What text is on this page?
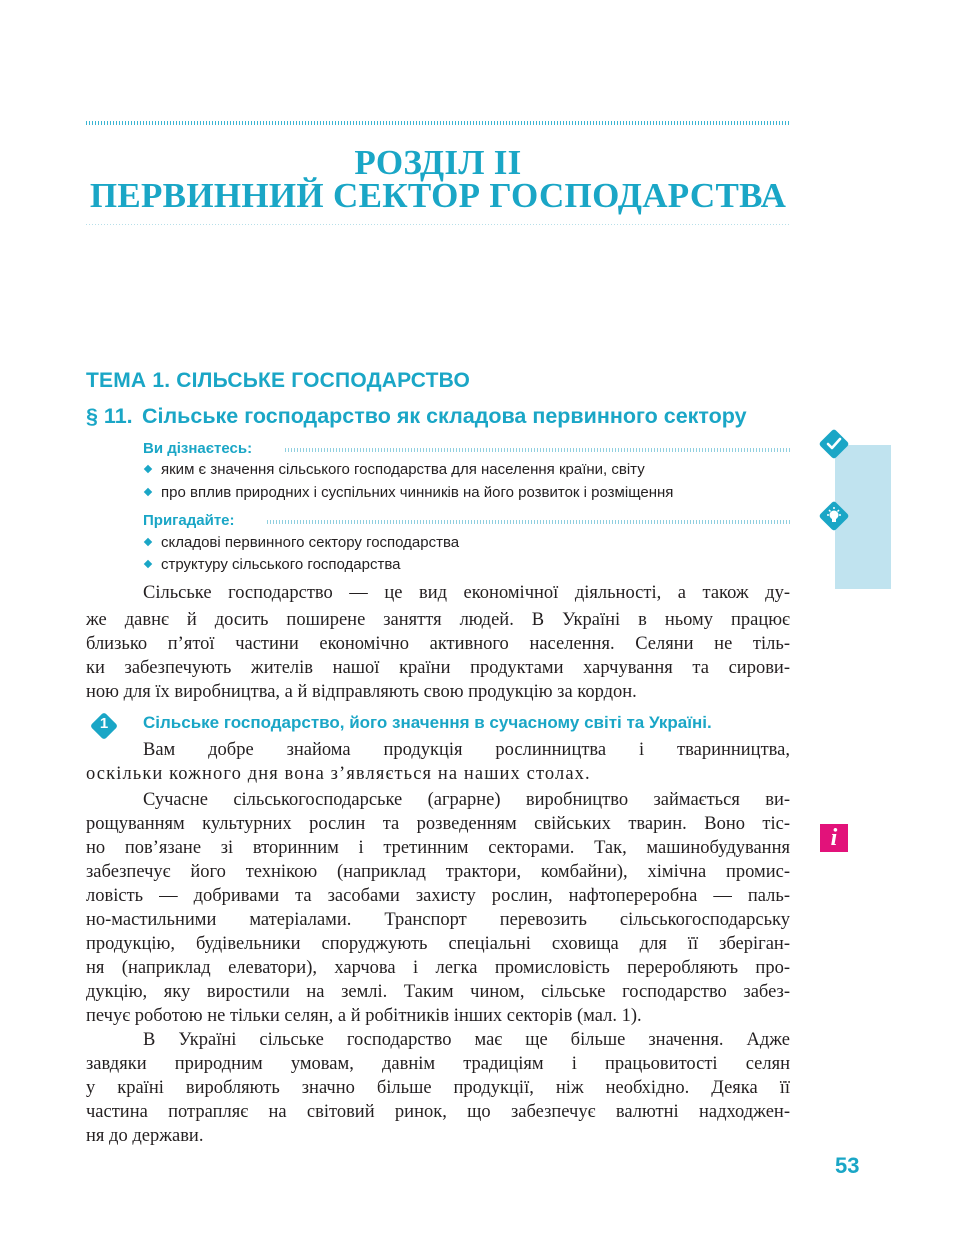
РОЗДІЛ II
ПЕРВИННИЙ СЕКТОР ГОСПОДАРСТВА
ТЕМА 1. СІЛЬСЬКЕ ГОСПОДАРСТВО
§ 11. Сільське господарство як складова первинного сектору
Ви дізнаєтесь:
яким є значення сільського господарства для населення країни, світу
про вплив природних і суспільних чинників на його розвиток і розміщення
Пригадайте:
складові первинного сектору господарства
структуру сільського господарства
Сільське господарство — це вид економічної діяльності, а також ду-
же давнє й досить поширене заняття людей. В Україні в ньому працює
близько п’ятої частини економічно активного населення. Селяни не тіль-
ки забезпечують жителів нашої країни продуктами харчування та сирови-
ною для їх виробництва, а й відправляють свою продукцію за кордон.
1	Сільське господарство, його значення в сучасному світі та Україні.
Вам добре знайома продукція рослинництва і тваринництва,
оскільки кожного дня вона з’являється на наших столах.
Сучасне сільськогосподарське (аграрне) виробництво займається ви-
рощуванням культурних рослин та розведенням свійських тварин. Воно тіс-
но пов’язане зі вторинним і третинним секторами. Так, машинобудування
забезпечує його технікою (наприклад трактори, комбайни), хімічна промис-
ловість — добривами та засобами захисту рослин, нафтопереробна — паль-
но-мастильними матеріалами. Транспорт перевозить сільськогосподарську
продукцію, будівельники споруджують спеціальні сховища для її зберіган-
ня (наприклад елеватори), харчова і легка промисловість переробляють про-
дукцію, яку виростили на землі. Таким чином, сільське господарство забез-
печує роботою не тільки селян, а й робітників інших секторів (мал. 1).
В Україні сільське господарство має ще більше значення. Адже
завдяки природним умовам, давнім традиціям і працьовитості селян
у країні виробляють значно більше продукції, ніж необхідно. Деяка її
частина потрапляє на світовий ринок, що забезпечує валютні надходжен-
ня до держави.
i
53
